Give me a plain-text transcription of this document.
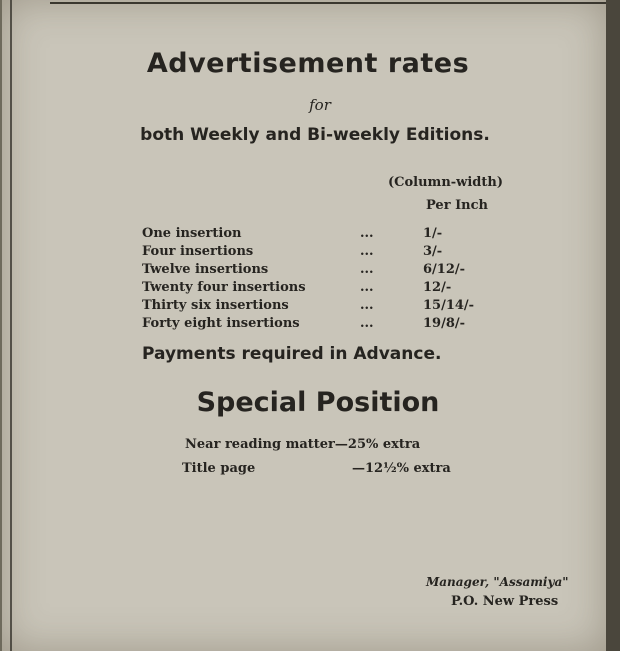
Advertisement rates
for
both Weekly and Bi-weekly Editions.
(Column-width)
Per Inch
One insertion	...	1/-
Four insertions	...	3/-
Twelve insertions	...	6/12/-
Twenty four insertions	...	12/-
Thirty six insertions	...	15/14/-
Forty eight insertions	...	19/8/-
Payments required in Advance.
Special Position
Near reading matter—25% extra
Title page	—12½% extra
Manager, "Assamiya"
P.O. New Press
